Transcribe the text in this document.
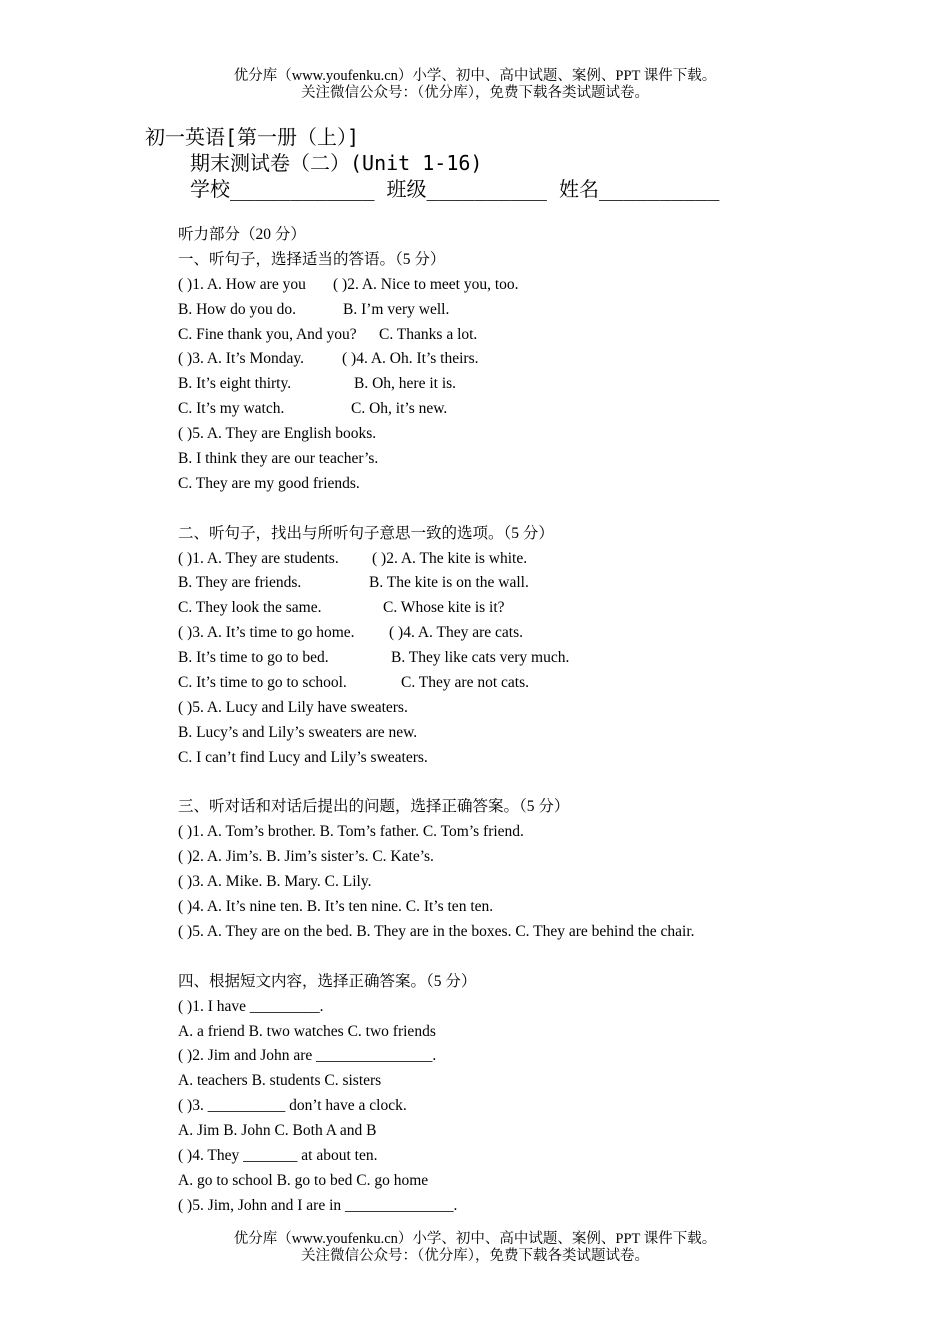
优分库（www.youfenku.cn）小学、初中、高中试题、案例、PPT 课件下载。
关注微信公众号：（优分库），免费下载各类试题试卷。
初一英语[第一册（上）]
期末测试卷（二）(Unit 1-16)
学校____________ 班级__________ 姓名__________
听力部分（20 分）
一、听句子，选择适当的答语。（5 分）
( )1. A. How are you ( )2. A. Nice to meet you, too.
B. How do you do.	B. I’m very well.
C. Fine thank you, And you? C. Thanks a lot.
( )3. A. It’s Monday. ( )4. A. Oh. It’s theirs.
B. It’s eight thirty.	B. Oh, here it is.
C. It’s my watch.	C. Oh, it’s new.
( )5. A. They are English books.
B. I think they are our teacher’s.
C. They are my good friends.
二、听句子，找出与所听句子意思一致的选项。（5 分）
( )1. A. They are students. ( )2. A. The kite is white.
B. They are friends.	B. The kite is on the wall.
C. They look the same.	C. Whose kite is it?
( )3. A. It’s time to go home. ( )4. A. They are cats.
B. It’s time to go to bed.	B. They like cats very much.
C. It’s time to go to school.	C. They are not cats.
( )5. A. Lucy and Lily have sweaters.
B. Lucy’s and Lily’s sweaters are new.
C. I can’t find Lucy and Lily’s sweaters.
三、听对话和对话后提出的问题，选择正确答案。（5 分）
( )1. A. Tom’s brother. B. Tom’s father. C. Tom’s friend.
( )2. A. Jim’s. B. Jim’s sister’s. C. Kate’s.
( )3. A. Mike. B. Mary. C. Lily.
( )4. A. It’s nine ten. B. It’s ten nine. C. It’s ten ten.
( )5. A. They are on the bed. B. They are in the boxes. C. They are behind the chair.
四、根据短文内容，选择正确答案。（5 分）
( )1. I have _________.
A. a friend B. two watches C. two friends
( )2. Jim and John are _______________.
A. teachers B. students C. sisters
( )3. __________ don’t have a clock.
A. Jim B. John C. Both A and B
( )4. They _______ at about ten.
A. go to school B. go to bed C. go home
( )5. Jim, John and I are in ______________.
优分库（www.youfenku.cn）小学、初中、高中试题、案例、PPT 课件下载。
关注微信公众号：（优分库），免费下载各类试题试卷。
